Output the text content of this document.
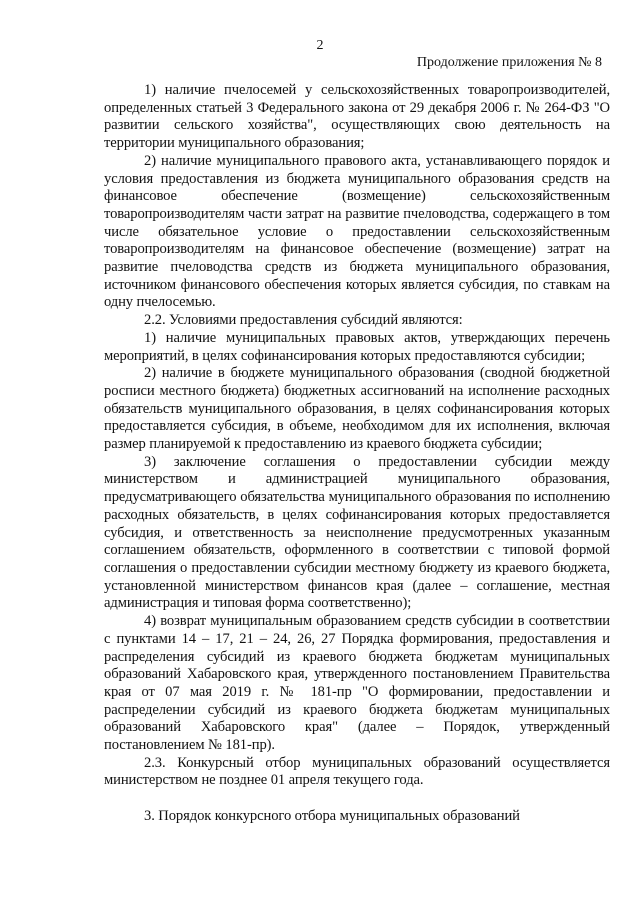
2
Продолжение приложения № 8

1) наличие пчелосемей у сельскохозяйственных товаропроизводителей, определенных статьей 3 Федерального закона от 29 декабря 2006 г. № 264-ФЗ "О развитии сельского хозяйства", осуществляющих свою деятельность на территории муниципального образования;

2) наличие муниципального правового акта, устанавливающего порядок и условия предоставления из бюджета муниципального образования средств на финансовое обеспечение (возмещение) сельскохозяйственным товаропроизводителям части затрат на развитие пчеловодства, содержащего в том числе обязательное условие о предоставлении сельскохозяйственным товаропроизводителям на финансовое обеспечение (возмещение) затрат на развитие пчеловодства средств из бюджета муниципального образования, источником финансового обеспечения которых является субсидия, по ставкам на одну пчелосемью.

2.2. Условиями предоставления субсидий являются:

1) наличие муниципальных правовых актов, утверждающих перечень мероприятий, в целях софинансирования которых предоставляются субсидии;

2) наличие в бюджете муниципального образования (сводной бюджетной росписи местного бюджета) бюджетных ассигнований на исполнение расходных обязательств муниципального образования, в целях софинансирования которых предоставляется субсидия, в объеме, необходимом для их исполнения, включая размер планируемой к предоставлению из краевого бюджета субсидии;

3) заключение соглашения о предоставлении субсидии между министерством и администрацией муниципального образования, предусматривающего обязательства муниципального образования по исполнению расходных обязательств, в целях софинансирования которых предоставляется субсидия, и ответственность за неисполнение предусмотренных указанным соглашением обязательств, оформленного в соответствии с типовой формой соглашения о предоставлении субсидии местному бюджету из краевого бюджета, установленной министерством финансов края (далее – соглашение, местная администрация и типовая форма соответственно);

4) возврат муниципальным образованием средств субсидии в соответствии с пунктами 14 – 17, 21 – 24, 26, 27 Порядка формирования, предоставления и распределения субсидий из краевого бюджета бюджетам муниципальных образований Хабаровского края, утвержденного постановлением Правительства края от 07 мая 2019 г. № 181-пр "О формировании, предоставлении и распределении субсидий из краевого бюджета бюджетам муниципальных образований Хабаровского края" (далее – Порядок, утвержденный постановлением № 181-пр).

2.3. Конкурсный отбор муниципальных образований осуществляется министерством не позднее 01 апреля текущего года.

3. Порядок конкурсного отбора муниципальных образований
